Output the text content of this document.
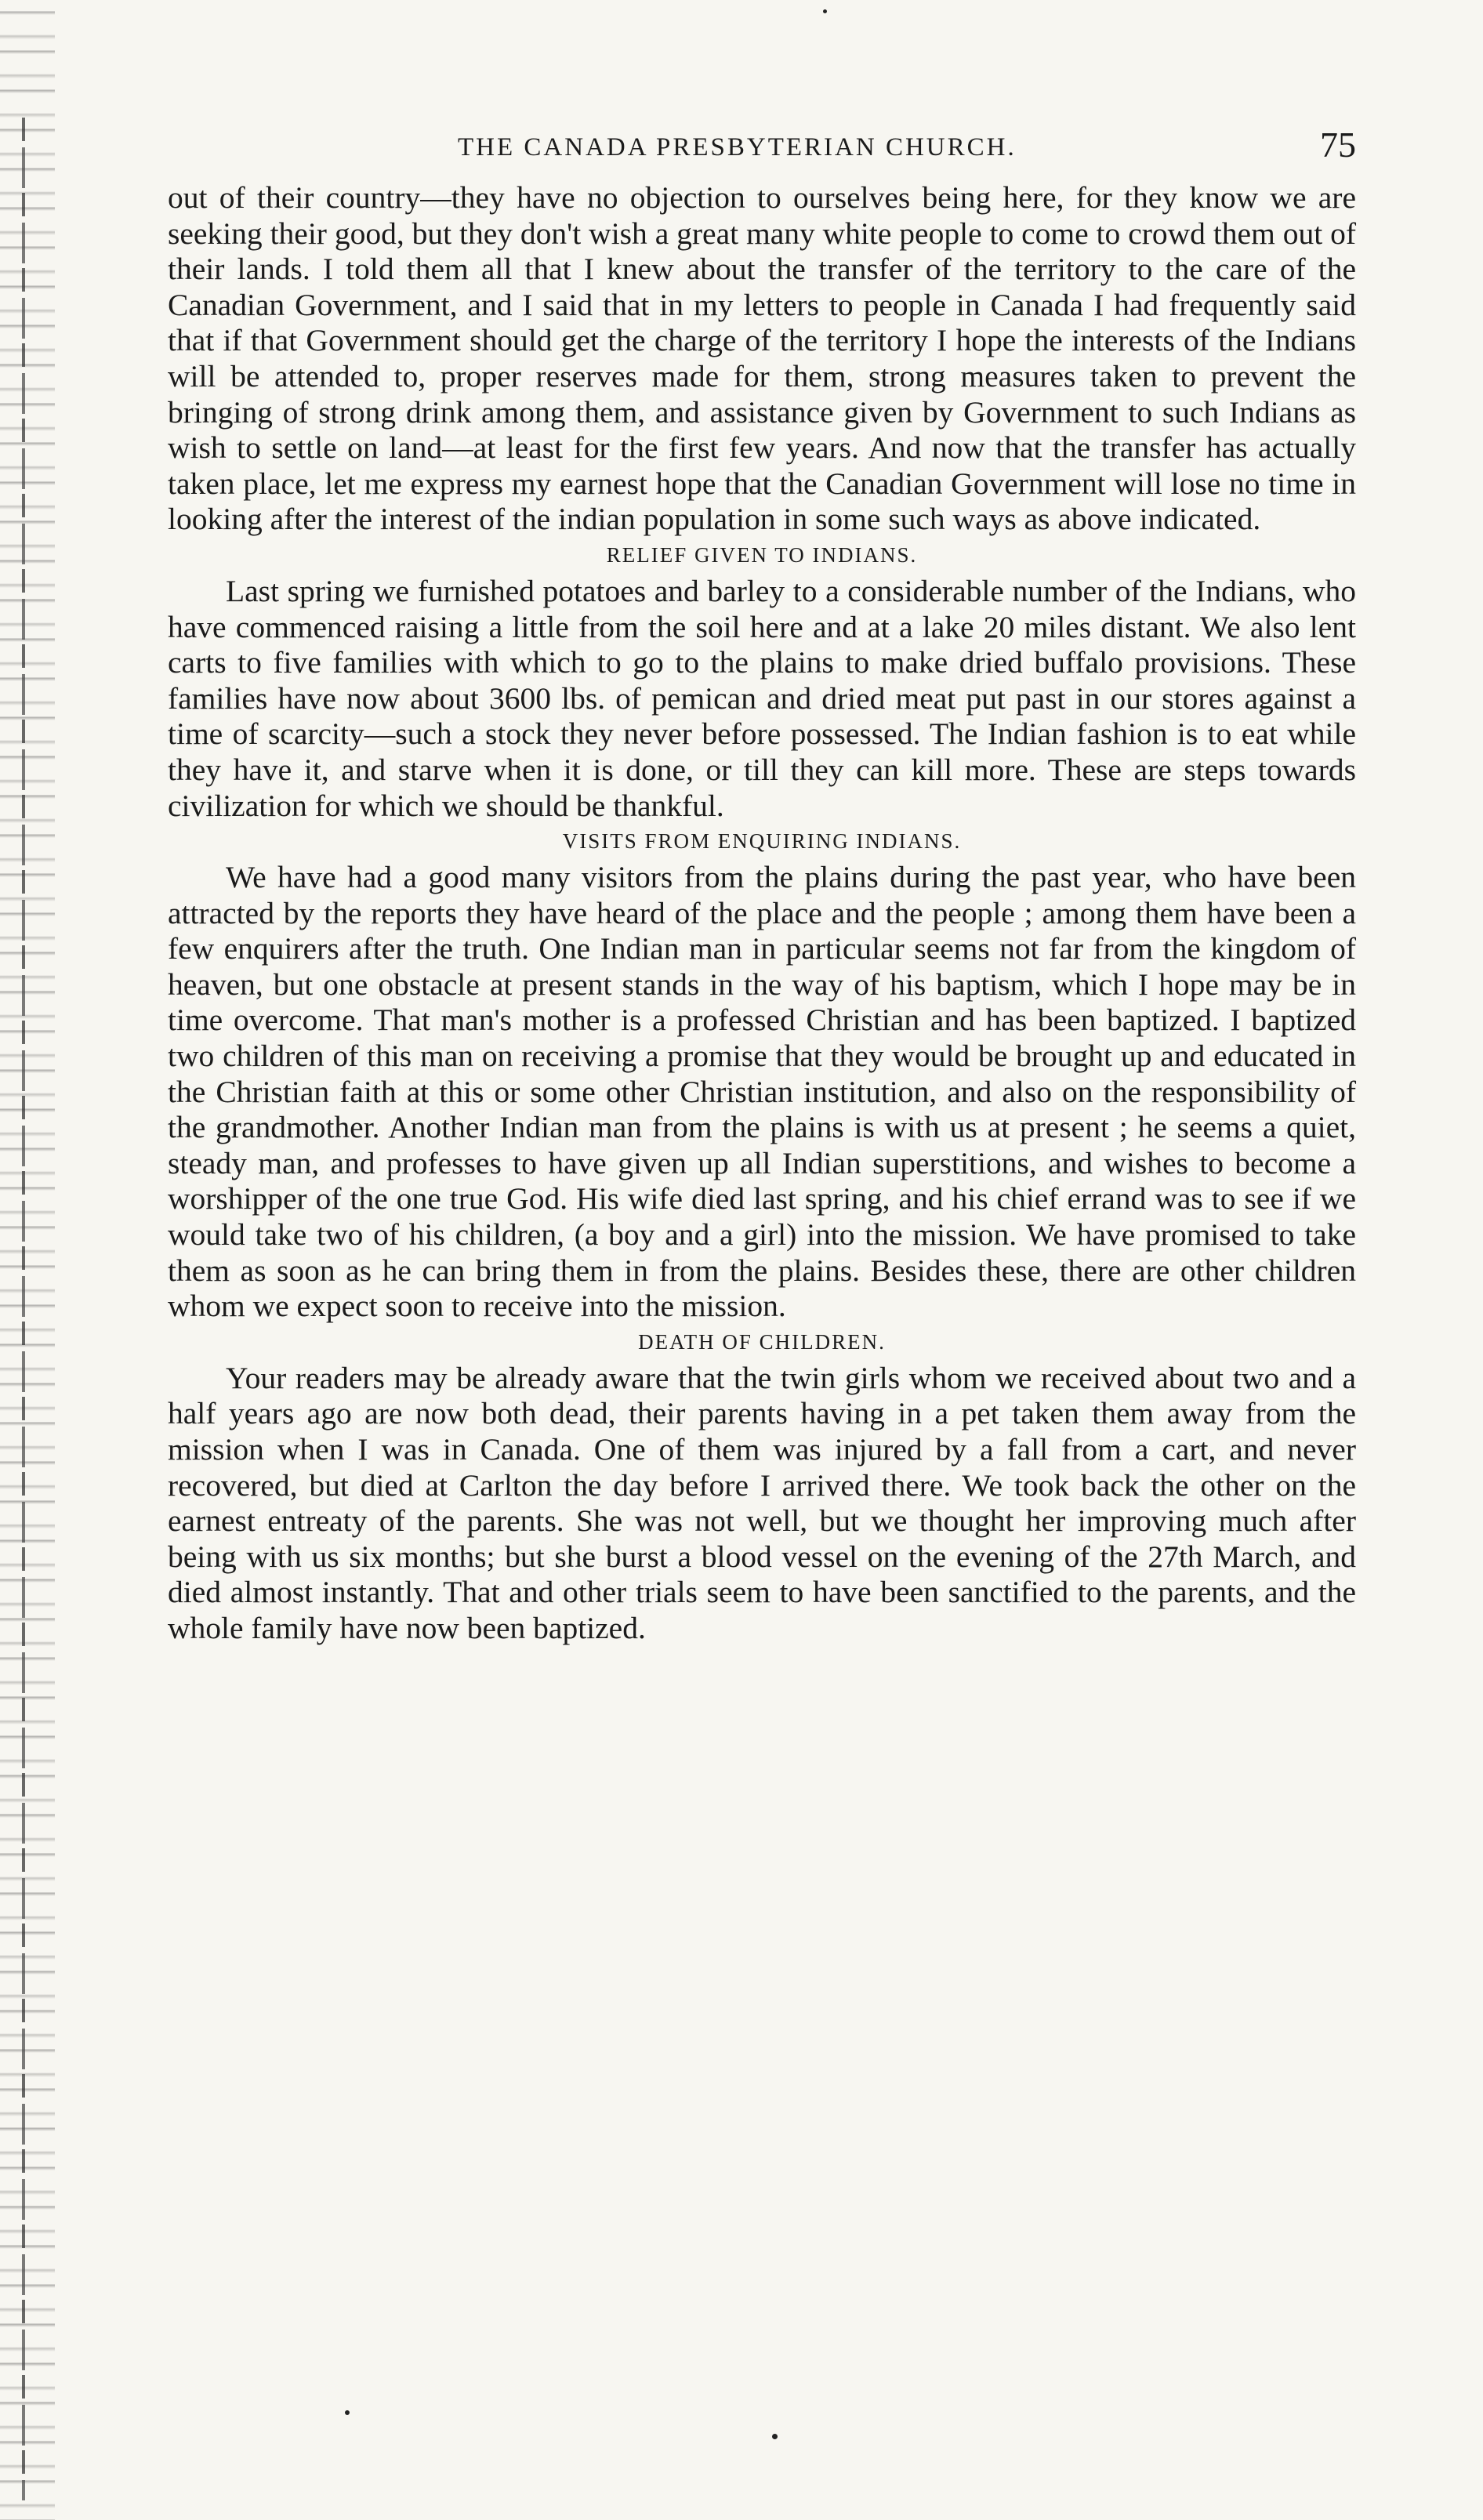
THE CANADA PRESBYTERIAN CHURCH.	75

out of their country—they have no objection to ourselves being here, for they know we are seeking their good, but they don't wish a great many white people to come to crowd them out of their lands. I told them all that I knew about the transfer of the territory to the care of the Canadian Government, and I said that in my letters to people in Canada I had frequently said that if that Government should get the charge of the territory I hope the interests of the Indians will be attended to, proper reserves made for them, strong measures taken to prevent the bringing of strong drink among them, and assistance given by Government to such Indians as wish to settle on land—at least for the first few years. And now that the transfer has actually taken place, let me express my earnest hope that the Canadian Government will lose no time in looking after the interest of the indian population in some such ways as above indicated.

RELIEF GIVEN TO INDIANS.

Last spring we furnished potatoes and barley to a considerable number of the Indians, who have commenced raising a little from the soil here and at a lake 20 miles distant. We also lent carts to five families with which to go to the plains to make dried buffalo provisions. These families have now about 3600 lbs. of pemican and dried meat put past in our stores against a time of scarcity—such a stock they never before possessed. The Indian fashion is to eat while they have it, and starve when it is done, or till they can kill more. These are steps towards civilization for which we should be thankful.

VISITS FROM ENQUIRING INDIANS.

We have had a good many visitors from the plains during the past year, who have been attracted by the reports they have heard of the place and the people ; among them have been a few enquirers after the truth. One Indian man in particular seems not far from the kingdom of heaven, but one obstacle at present stands in the way of his baptism, which I hope may be in time overcome. That man's mother is a professed Christian and has been baptized. I baptized two children of this man on receiving a promise that they would be brought up and educated in the Christian faith at this or some other Christian institution, and also on the responsibility of the grandmother. Another Indian man from the plains is with us at present ; he seems a quiet, steady man, and professes to have given up all Indian superstitions, and wishes to become a worshipper of the one true God. His wife died last spring, and his chief errand was to see if we would take two of his children, (a boy and a girl) into the mission. We have promised to take them as soon as he can bring them in from the plains. Besides these, there are other children whom we expect soon to receive into the mission.

DEATH OF CHILDREN.

Your readers may be already aware that the twin girls whom we received about two and a half years ago are now both dead, their parents having in a pet taken them away from the mission when I was in Canada. One of them was injured by a fall from a cart, and never recovered, but died at Carlton the day before I arrived there. We took back the other on the earnest entreaty of the parents. She was not well, but we thought her improving much after being with us six months; but she burst a blood vessel on the evening of the 27th March, and died almost instantly. That and other trials seem to have been sanctified to the parents, and the whole family have now been baptized.
